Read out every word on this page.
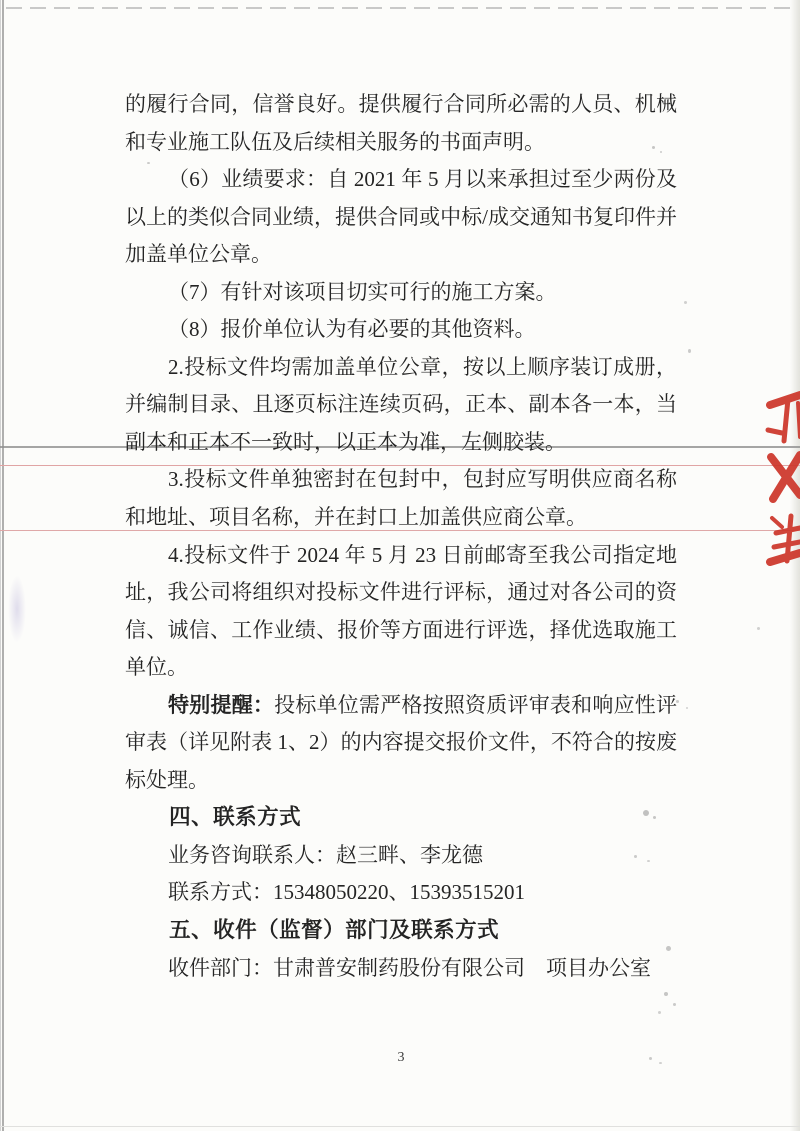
的履行合同，信誉良好。提供履行合同所必需的人员、机械和专业施工队伍及后续相关服务的书面声明。

（6）业绩要求：自 2021 年 5 月以来承担过至少两份及以上的类似合同业绩，提供合同或中标/成交通知书复印件并加盖单位公章。

（7）有针对该项目切实可行的施工方案。

（8）报价单位认为有必要的其他资料。

2.投标文件均需加盖单位公章，按以上顺序装订成册，并编制目录、且逐页标注连续页码，正本、副本各一本，当副本和正本不一致时，以正本为准，左侧胶装。

3.投标文件单独密封在包封中，包封应写明供应商名称和地址、项目名称，并在封口上加盖供应商公章。

4.投标文件于 2024 年 5 月 23 日前邮寄至我公司指定地址，我公司将组织对投标文件进行评标，通过对各公司的资信、诚信、工作业绩、报价等方面进行评选，择优选取施工单位。

特别提醒：投标单位需严格按照资质评审表和响应性评审表（详见附表 1、2）的内容提交报价文件，不符合的按废标处理。

四、联系方式

业务咨询联系人：赵三畔、李龙德

联系方式：15348050220、15393515201

五、收件（监督）部门及联系方式

收件部门：甘肃普安制药股份有限公司　项目办公室

3
